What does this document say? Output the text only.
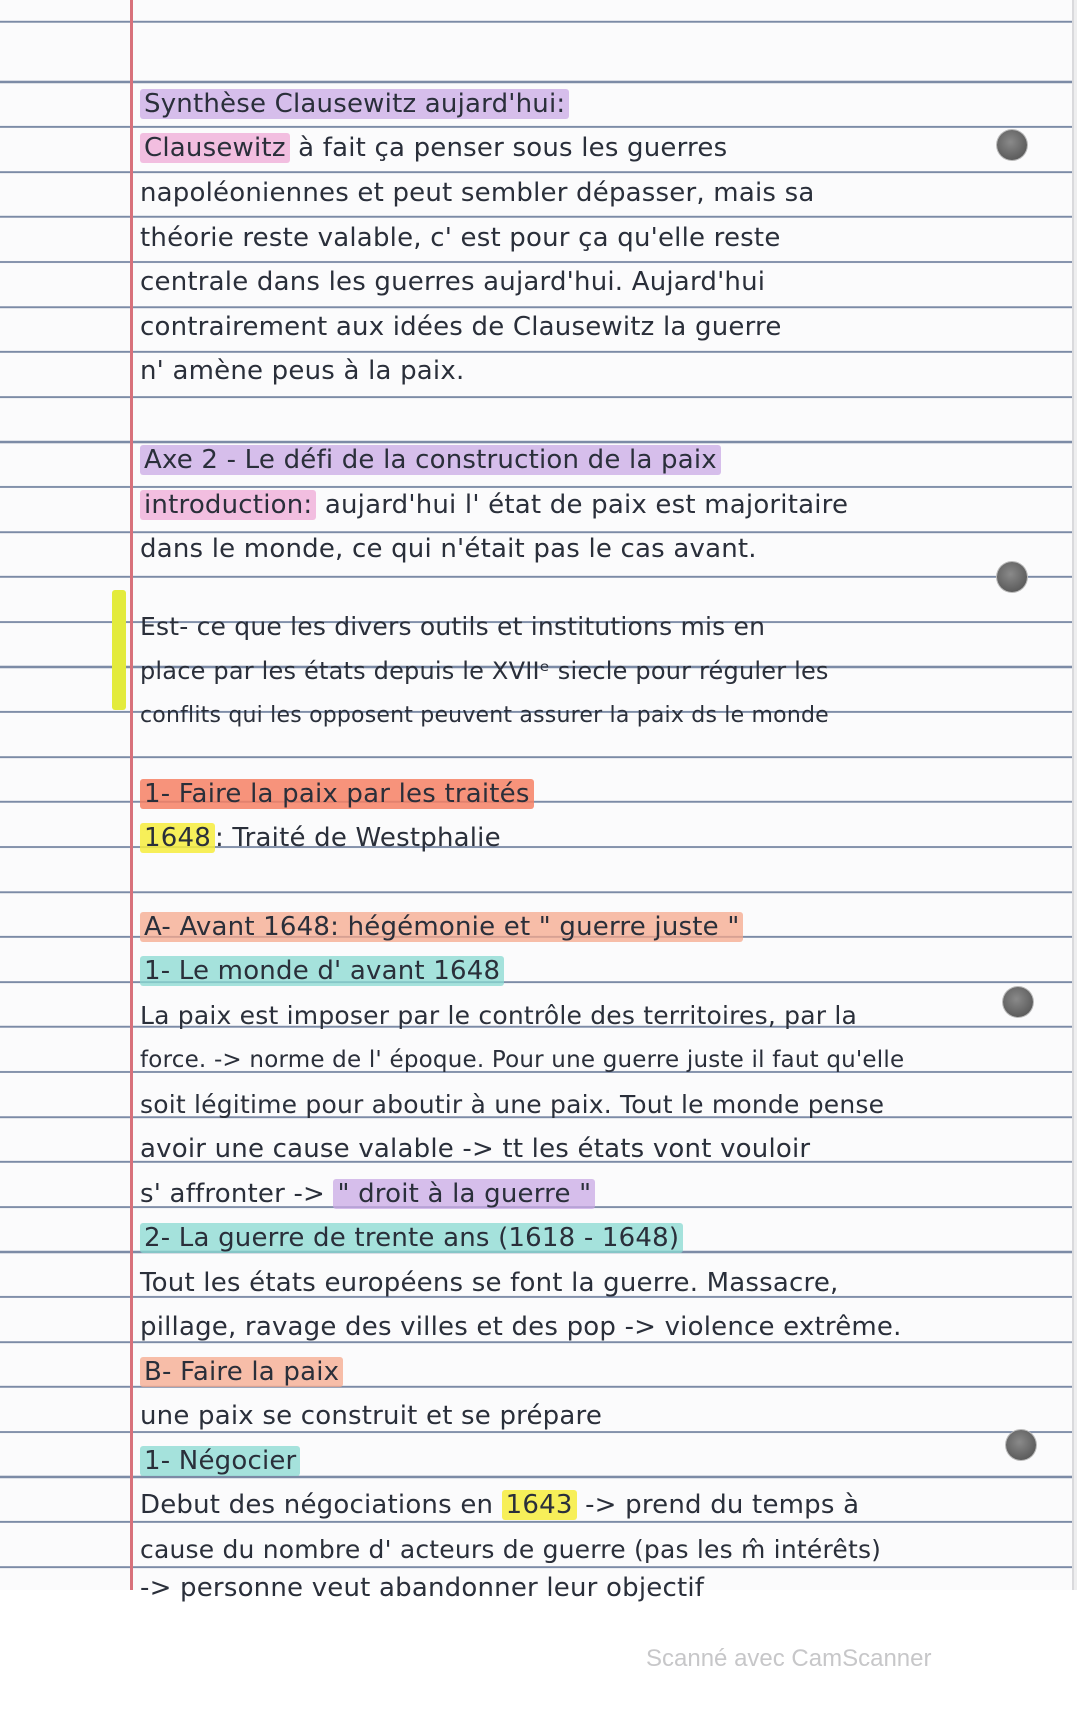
Synthèse Clausewitz aujard'hui:
Clausewitz à fait ça penser sous les guerres
napoléoniennes et peut sembler dépasser, mais sa
théorie reste valable, c' est pour ça qu'elle reste
centrale dans les guerres aujard'hui. Aujard'hui
contrairement aux idées de Clausewitz la guerre
n' amène peus à la paix.
Axe 2 - Le défi de la construction de la paix
introduction: aujard'hui l' état de paix est majoritaire
dans le monde, ce qui n'était pas le cas avant.
Est- ce que les divers outils et institutions mis en
place par les états depuis le XVIIᵉ siecle pour réguler les
conflits qui les opposent peuvent assurer la paix ds le monde
1- Faire la paix par les traités
1648 : Traité de Westphalie
A- Avant 1648: hégémonie et " guerre juste "
1- Le monde d' avant 1648
La paix est imposer par le contrôle des territoires, par la
force. -> norme de l' époque. Pour une guerre juste il faut qu'elle
soit légitime pour aboutir à une paix. Tout le monde pense
avoir une cause valable -> tt les états vont vouloir
s' affronter -> " droit à la guerre "
2- La guerre de trente ans (1618 - 1648)
Tout les états européens se font la guerre. Massacre,
pillage, ravage des villes et des pop -> violence extrême.
B- Faire la paix
une paix se construit et se prépare
1- Négocier
Debut des négociations en 1643 -> prend du temps à
cause du nombre d' acteurs de guerre (pas les m̂ intérêts)
-> personne veut abandonner leur objectif
Scanné avec CamScanner
